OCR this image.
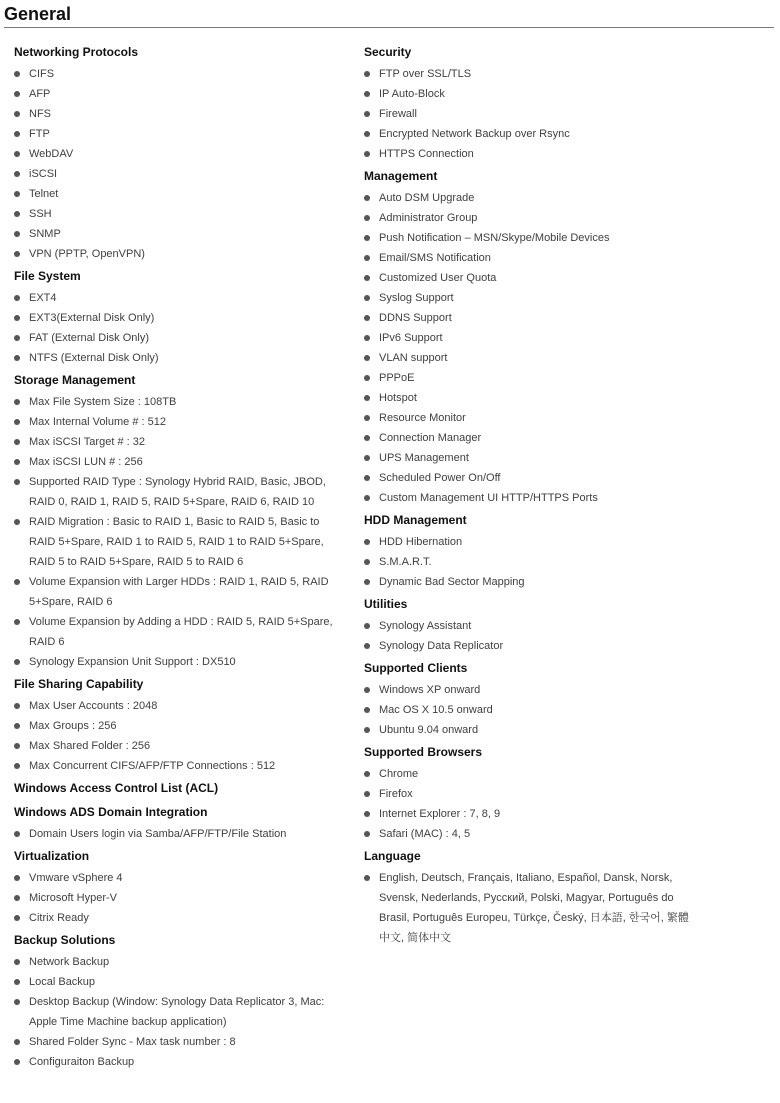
General
Networking Protocols
CIFS
AFP
NFS
FTP
WebDAV
iSCSI
Telnet
SSH
SNMP
VPN (PPTP, OpenVPN)
File System
EXT4
EXT3(External Disk Only)
FAT (External Disk Only)
NTFS (External Disk Only)
Storage Management
Max File System Size : 108TB
Max Internal Volume # : 512
Max iSCSI Target # : 32
Max iSCSI LUN # : 256
Supported RAID Type : Synology Hybrid RAID, Basic, JBOD, RAID 0, RAID 1, RAID 5, RAID 5+Spare, RAID 6, RAID 10
RAID Migration : Basic to RAID 1, Basic to RAID 5, Basic to RAID 5+Spare, RAID 1 to RAID 5, RAID 1 to RAID 5+Spare, RAID 5 to RAID 5+Spare, RAID 5 to RAID 6
Volume Expansion with Larger HDDs : RAID 1, RAID 5, RAID 5+Spare, RAID 6
Volume Expansion by Adding a HDD : RAID 5, RAID 5+Spare, RAID 6
Synology Expansion Unit Support : DX510
File Sharing Capability
Max User Accounts : 2048
Max Groups : 256
Max Shared Folder : 256
Max Concurrent CIFS/AFP/FTP Connections : 512
Windows Access Control List (ACL)
Windows ADS Domain Integration
Domain Users login via Samba/AFP/FTP/File Station
Virtualization
Vmware vSphere 4
Microsoft Hyper-V
Citrix Ready
Backup Solutions
Network Backup
Local Backup
Desktop Backup (Window: Synology Data Replicator 3, Mac: Apple Time Machine backup application)
Shared Folder Sync - Max task number : 8
Configuraiton Backup
Security
FTP over SSL/TLS
IP Auto-Block
Firewall
Encrypted Network Backup over Rsync
HTTPS Connection
Management
Auto DSM Upgrade
Administrator Group
Push Notification – MSN/Skype/Mobile Devices
Email/SMS Notification
Customized User Quota
Syslog Support
DDNS Support
IPv6 Support
VLAN support
PPPoE
Hotspot
Resource Monitor
Connection Manager
UPS Management
Scheduled Power On/Off
Custom Management UI HTTP/HTTPS Ports
HDD Management
HDD Hibernation
S.M.A.R.T.
Dynamic Bad Sector Mapping
Utilities
Synology Assistant
Synology Data Replicator
Supported Clients
Windows XP onward
Mac OS X 10.5 onward
Ubuntu 9.04 onward
Supported Browsers
Chrome
Firefox
Internet Explorer : 7, 8, 9
Safari (MAC) : 4, 5
Language
English, Deutsch, Français, Italiano, Español, Dansk, Norsk, Svensk, Nederlands, Русский, Polski, Magyar, Português do Brasil, Português Europeu, Türkçe, Český, 日本語, 한국어, 繁體中文, 简体中文
